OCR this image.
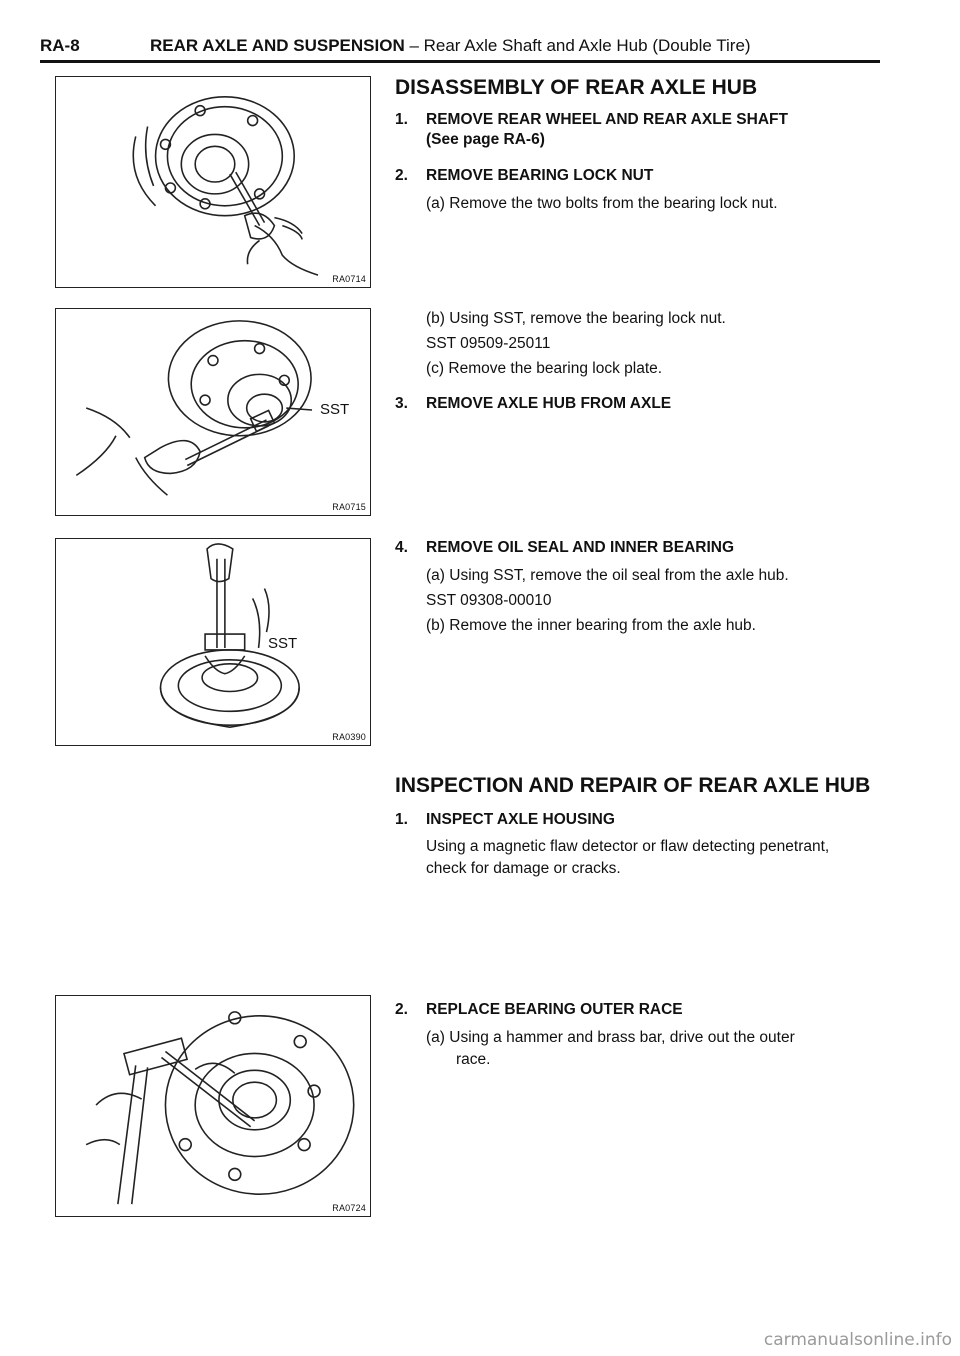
RA-8	REAR AXLE AND SUSPENSION – Rear Axle Shaft and Axle Hub (Double Tire)
RA0714
SST
RA0715
SST
RA0390
RA0724
DISASSEMBLY OF REAR AXLE HUB
1.	REMOVE REAR WHEEL AND REAR AXLE SHAFT
(See page RA-6)
2.	REMOVE BEARING LOCK NUT
(a) Remove the two bolts from the bearing lock nut.
(b) Using SST, remove the bearing lock nut.
SST 09509-25011
(c) Remove the bearing lock plate.
3.	REMOVE AXLE HUB FROM AXLE
4.	REMOVE OIL SEAL AND INNER BEARING
(a) Using SST, remove the oil seal from the axle hub.
SST 09308-00010
(b) Remove the inner bearing from the axle hub.
INSPECTION AND REPAIR OF REAR AXLE HUB
1.	INSPECT AXLE HOUSING
Using a magnetic flaw detector or flaw detecting penetrant,
check for damage or cracks.
2.	REPLACE BEARING OUTER RACE
(a) Using a hammer and brass bar, drive out the outer
race.
carmanualsonline.info
